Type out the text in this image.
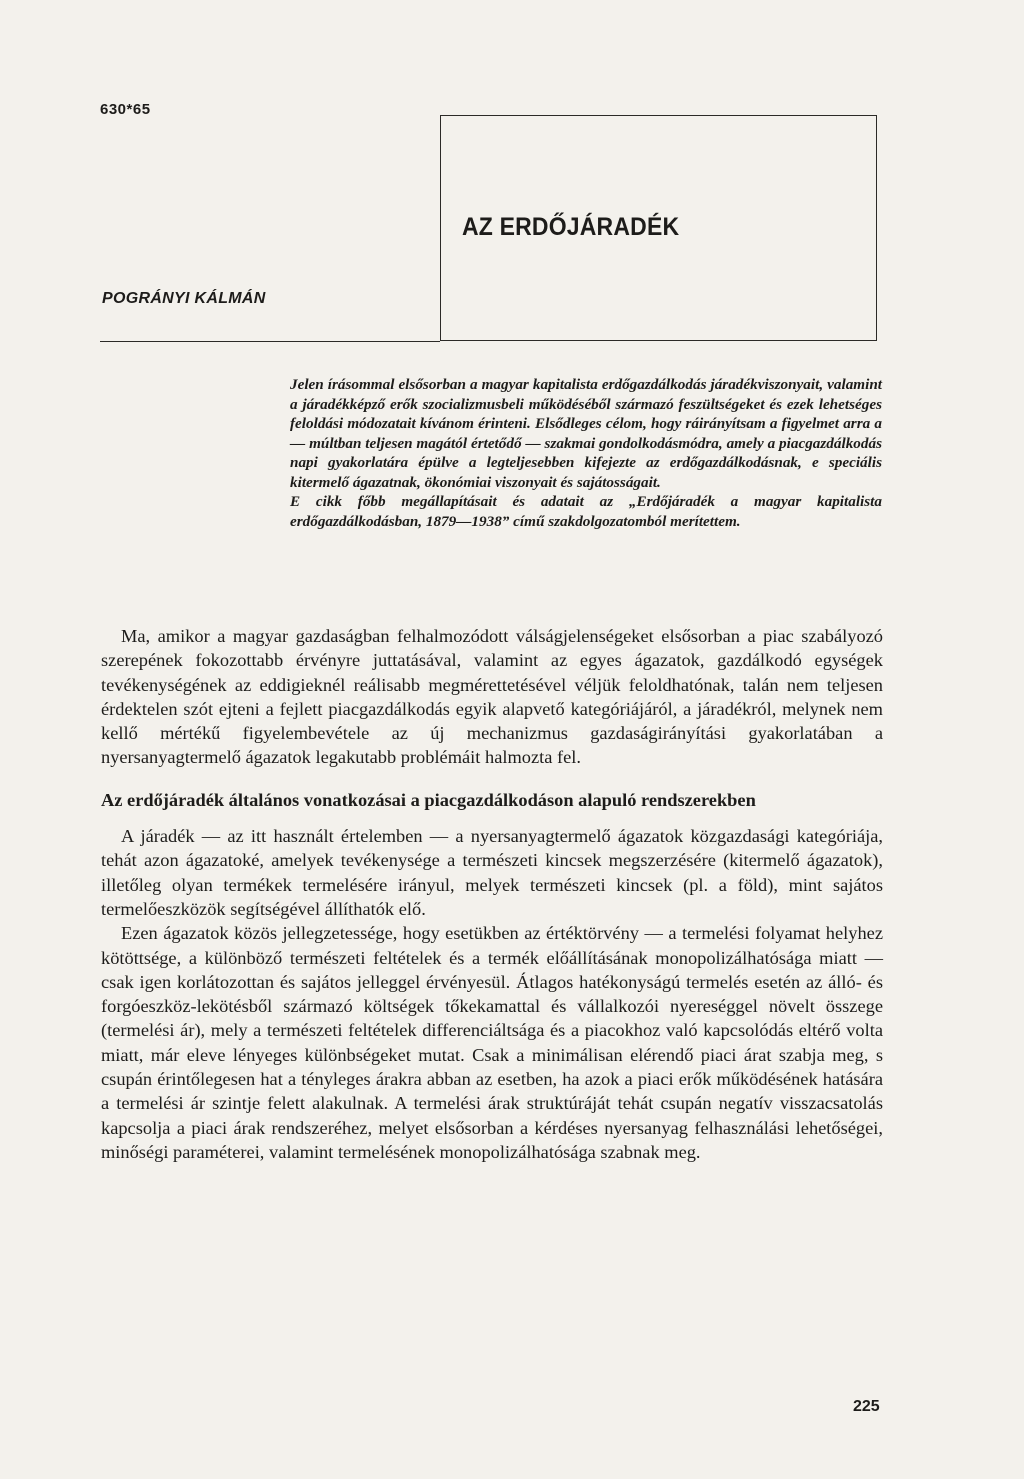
630*65
POGRÁNYI KÁLMÁN
AZ ERDŐJÁRADÉK

Jelen írásommal elsősorban a magyar kapitalista erdőgazdálkodás járadékviszonyait, valamint a járadékképző erők szocializmusbeli működéséből származó feszültségeket és ezek lehetséges feloldási módozatait kívánom érinteni. Elsődleges célom, hogy ráirányítsam a figyelmet arra a — múltban teljesen magától értetődő — szakmai gondolkodásmódra, amely a piacgazdálkodás napi gyakorlatára épülve a legteljesebben kifejezte az erdőgazdálkodásnak, e speciális kitermelő ágazatnak, ökonómiai viszonyait és sajátosságait.

E cikk főbb megállapításait és adatait az „Erdőjáradék a magyar kapitalista erdőgazdálkodásban, 1879—1938” című szakdolgozatomból merítettem.

Ma, amikor a magyar gazdaságban felhalmozódott válságjelenségeket elsősorban a piac szabályozó szerepének fokozottabb érvényre juttatásával, valamint az egyes ágazatok, gazdálkodó egységek tevékenységének az eddigieknél reálisabb megmérettetésével véljük feloldhatónak, talán nem teljesen érdektelen szót ejteni a fejlett piacgazdálkodás egyik alapvető kategóriájáról, a járadékról, melynek nem kellő mértékű figyelembevétele az új mechanizmus gazdaságirányítási gyakorlatában a nyersanyagtermelő ágazatok legakutabb problémáit halmozta fel.

Az erdőjáradék általános vonatkozásai a piacgazdálkodáson alapuló rendszerekben

A járadék — az itt használt értelemben — a nyersanyagtermelő ágazatok közgazdasági kategóriája, tehát azon ágazatoké, amelyek tevékenysége a természeti kincsek megszerzésére (kitermelő ágazatok), illetőleg olyan termékek termelésére irányul, melyek természeti kincsek (pl. a föld), mint sajátos termelőeszközök segítségével állíthatók elő.

Ezen ágazatok közös jellegzetessége, hogy esetükben az értéktörvény — a termelési folyamat helyhez kötöttsége, a különböző természeti feltételek és a termék előállításának monopolizálhatósága miatt — csak igen korlátozottan és sajátos jelleggel érvényesül. Átlagos hatékonyságú termelés esetén az álló- és forgóeszköz-lekötésből származó költségek tőkekamattal és vállalkozói nyereséggel növelt összege (termelési ár), mely a természeti feltételek differenciáltsága és a piacokhoz való kapcsolódás eltérő volta miatt, már eleve lényeges különbségeket mutat. Csak a minimálisan elérendő piaci árat szabja meg, s csupán érintőlegesen hat a tényleges árakra abban az esetben, ha azok a piaci erők működésének hatására a termelési ár szintje felett alakulnak. A termelési árak struktúráját tehát csupán negatív visszacsatolás kapcsolja a piaci árak rendszeréhez, melyet elsősorban a kérdéses nyersanyag felhasználási lehetőségei, minőségi paraméterei, valamint termelésének monopolizálhatósága szabnak meg.

225
